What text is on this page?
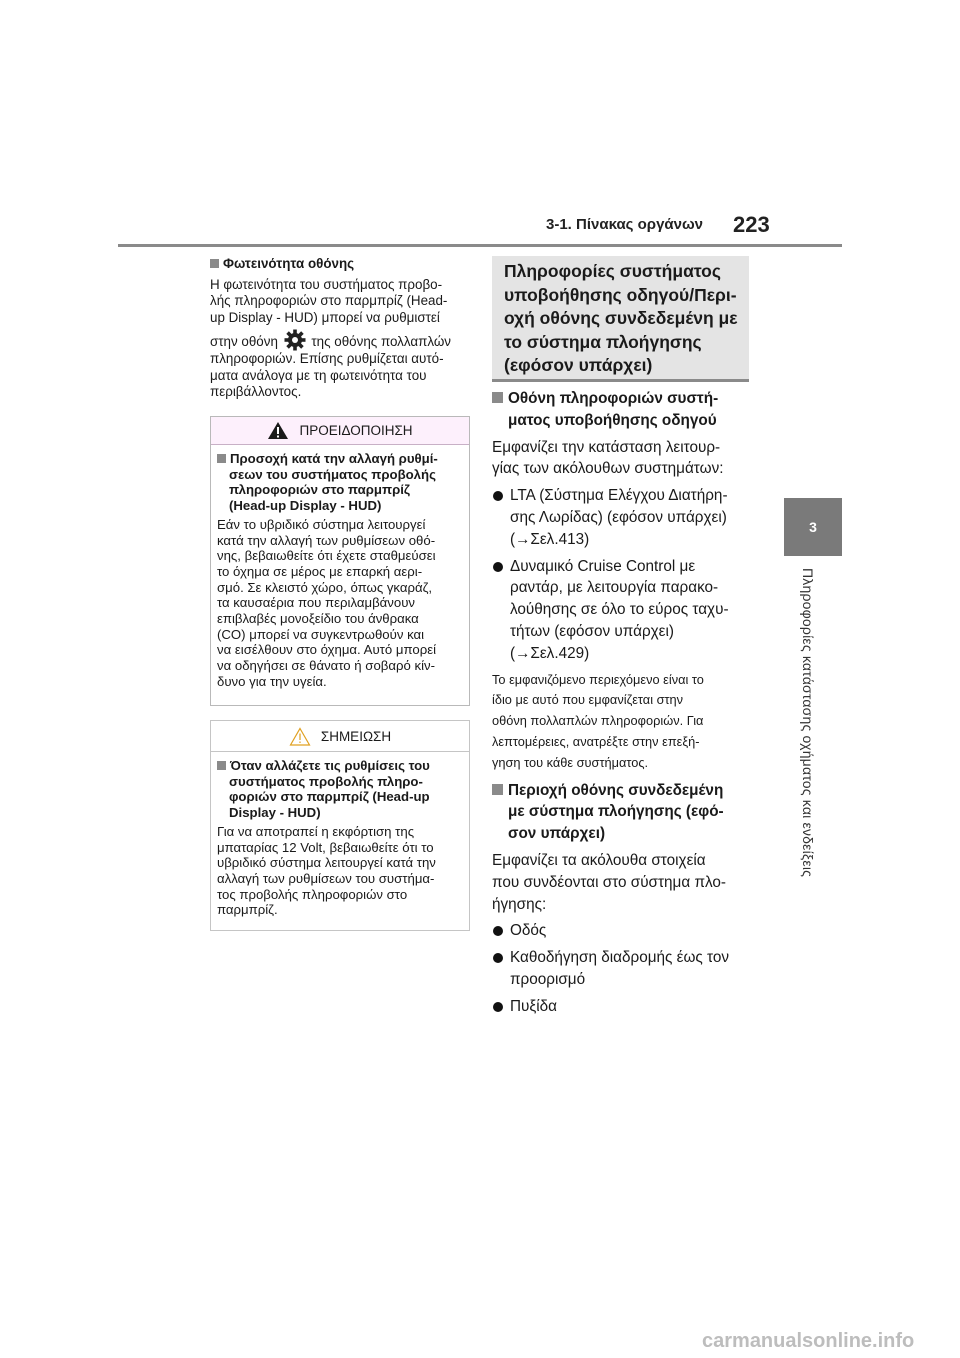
3-1. Πίνακας οργάνων 223
3
Πληροφορίες κατάστασης οχήματος και ενδείξεις
Φωτεινότητα οθόνης
Η φωτεινότητα του συστήματος προβο-
λής πληροφοριών στο παρμπρίζ (Head-
up Display - HUD) μπορεί να ρυθμιστεί
στην οθόνη της οθόνης πολλαπλών
πληροφοριών. Επίσης ρυθμίζεται αυτό-
ματα ανάλογα με τη φωτεινότητα του
περιβάλλοντος.
ΠΡΟΕΙΔΟΠΟΙΗΣΗ
Προσοχή κατά την αλλαγή ρυθμί-
σεων του συστήματος προβολής
πληροφοριών στο παρμπρίζ
(Head-up Display - HUD)
Εάν το υβριδικό σύστημα λειτουργεί
κατά την αλλαγή των ρυθμίσεων οθό-
νης, βεβαιωθείτε ότι έχετε σταθμεύσει
το όχημα σε μέρος με επαρκή αερι-
σμό. Σε κλειστό χώρο, όπως γκαράζ,
τα καυσαέρια που περιλαμβάνουν
επιβλαβές μονοξείδιο του άνθρακα
(CO) μπορεί να συγκεντρωθούν και
να εισέλθουν στο όχημα. Αυτό μπορεί
να οδηγήσει σε θάνατο ή σοβαρό κίν-
δυνο για την υγεία.
ΣΗΜΕΙΩΣΗ
Όταν αλλάζετε τις ρυθμίσεις του
συστήματος προβολής πληρο-
φοριών στο παρμπρίζ (Head-up
Display - HUD)
Για να αποτραπεί η εκφόρτιση της
μπαταρίας 12 Volt, βεβαιωθείτε ότι το
υβριδικό σύστημα λειτουργεί κατά την
αλλαγή των ρυθμίσεων του συστήμα-
τος προβολής πληροφοριών στο
παρμπρίζ.
Πληροφορίες συστήματος
υποβοήθησης οδηγού/Περι-
οχή οθόνης συνδεδεμένη με
το σύστημα πλοήγησης
(εφόσον υπάρχει)
Οθόνη πληροφοριών συστή-
ματος υποβοήθησης οδηγού
Εμφανίζει την κατάσταση λειτουρ-
γίας των ακόλουθων συστημάτων:
LTA (Σύστημα Ελέγχου Διατήρη-
σης Λωρίδας) (εφόσον υπάρχει)
(→Σελ.413)
Δυναμικό Cruise Control με
ραντάρ, με λειτουργία παρακο-
λούθησης σε όλο το εύρος ταχυ-
τήτων (εφόσον υπάρχει)
(→Σελ.429)
Το εμφανιζόμενο περιεχόμενο είναι το
ίδιο με αυτό που εμφανίζεται στην
οθόνη πολλαπλών πληροφοριών. Για
λεπτομέρειες, ανατρέξτε στην επεξή-
γηση του κάθε συστήματος.
Περιοχή οθόνης συνδεδεμένη
με σύστημα πλοήγησης (εφό-
σον υπάρχει)
Εμφανίζει τα ακόλουθα στοιχεία
που συνδέονται στο σύστημα πλο-
ήγησης:
Οδός
Καθοδήγηση διαδρομής έως τον
προορισμό
Πυξίδα
carmanualsonline.info
